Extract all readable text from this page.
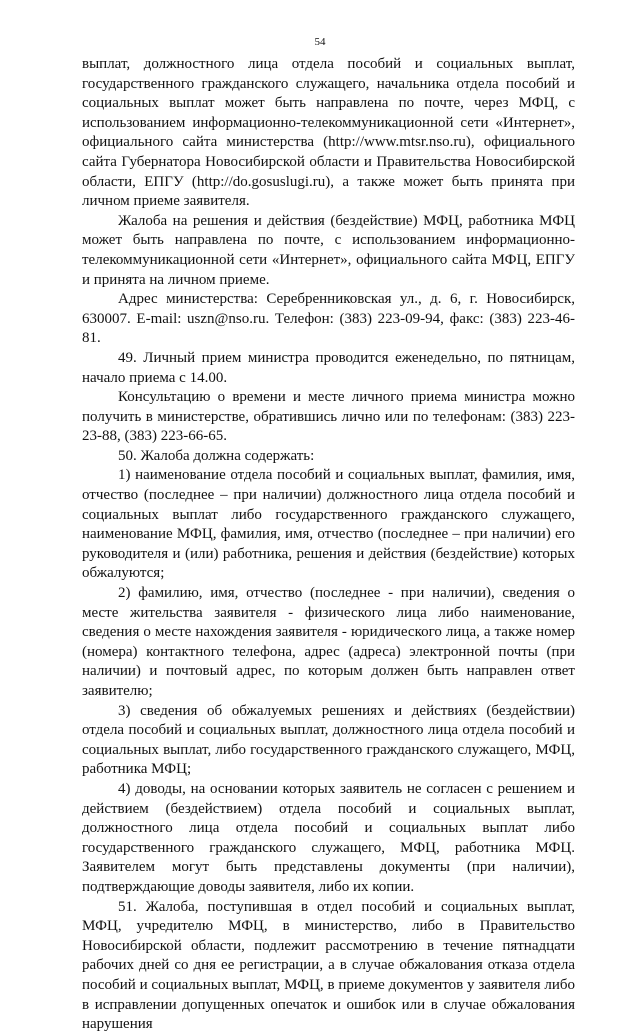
54

выплат, должностного лица отдела пособий и социальных выплат, государственного гражданского служащего, начальника отдела пособий и социальных выплат может быть направлена по почте, через МФЦ, с использованием информационно-телекоммуникационной сети «Интернет», официального сайта министерства (http://www.mtsr.nso.ru), официального сайта Губернатора Новосибирской области и Правительства Новосибирской области, ЕПГУ (http://do.gosuslugi.ru), а также может быть принята при личном приеме заявителя.

Жалоба на решения и действия (бездействие) МФЦ, работника МФЦ может быть направлена по почте, с использованием информационно-телекоммуникационной сети «Интернет», официального сайта МФЦ, ЕПГУ и принята на личном приеме.

Адрес министерства: Серебренниковская ул., д. 6, г. Новосибирск, 630007. E-mail: uszn@nso.ru. Телефон: (383) 223-09-94, факс: (383) 223-46-81.

49. Личный прием министра проводится еженедельно, по пятницам, начало приема с 14.00.

Консультацию о времени и месте личного приема министра можно получить в министерстве, обратившись лично или по телефонам: (383) 223-23-88, (383) 223-66-65.

50. Жалоба должна содержать:

1) наименование отдела пособий и социальных выплат, фамилия, имя, отчество (последнее – при наличии) должностного лица отдела пособий и социальных выплат либо государственного гражданского служащего, наименование МФЦ, фамилия, имя, отчество (последнее – при наличии) его руководителя и (или) работника, решения и действия (бездействие) которых обжалуются;

2) фамилию, имя, отчество (последнее - при наличии), сведения о месте жительства заявителя - физического лица либо наименование, сведения о месте нахождения заявителя - юридического лица, а также номер (номера) контактного телефона, адрес (адреса) электронной почты (при наличии) и почтовый адрес, по которым должен быть направлен ответ заявителю;

3) сведения об обжалуемых решениях и действиях (бездействии) отдела пособий и социальных выплат, должностного лица отдела пособий и социальных выплат, либо государственного гражданского служащего, МФЦ, работника МФЦ;

4) доводы, на основании которых заявитель не согласен с решением и действием (бездействием) отдела пособий и социальных выплат, должностного лица отдела пособий и социальных выплат либо государственного гражданского служащего, МФЦ, работника МФЦ. Заявителем могут быть представлены документы (при наличии), подтверждающие доводы заявителя, либо их копии.

51. Жалоба, поступившая в отдел пособий и социальных выплат, МФЦ, учредителю МФЦ, в министерство, либо в Правительство Новосибирской области, подлежит рассмотрению в течение пятнадцати рабочих дней со дня ее регистрации, а в случае обжалования отказа отдела пособий и социальных выплат, МФЦ, в приеме документов у заявителя либо в исправлении допущенных опечаток и ошибок или в случае обжалования нарушения
